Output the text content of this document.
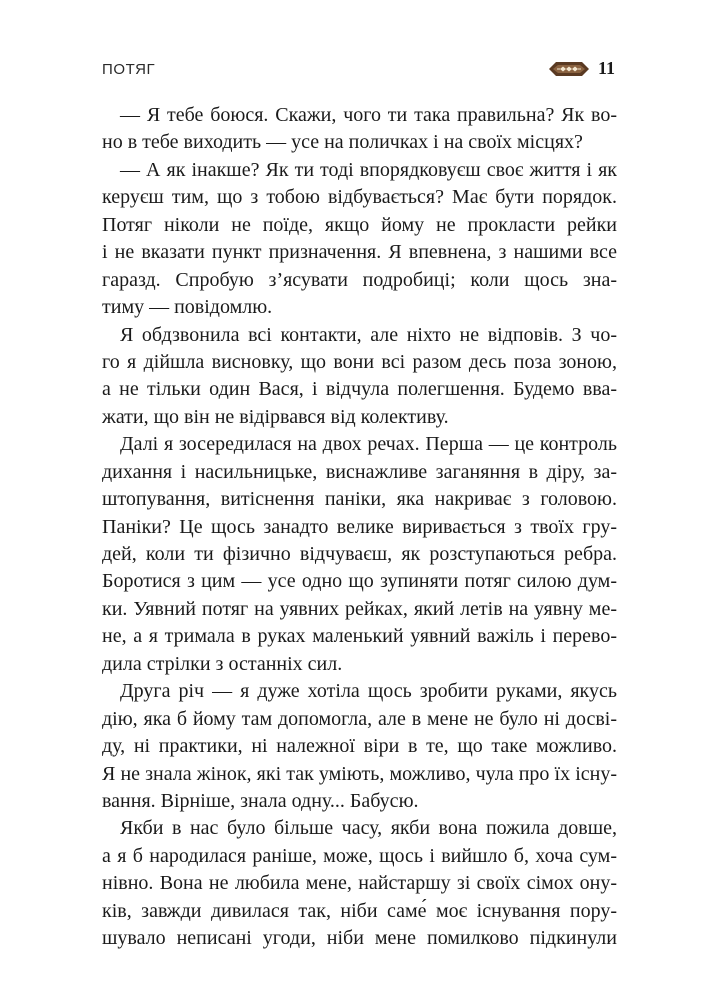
ПОТЯГ	11
— Я тебе боюся. Скажи, чого ти така правильна? Як во-
но в тебе виходить — усе на поличках і на своїх місцях?
— А як інакше? Як ти тоді впорядковуєш своє життя і як
керуєш тим, що з тобою відбувається? Має бути порядок.
Потяг ніколи не поїде, якщо йому не прокласти рейки
і не вказати пункт призначення. Я впевнена, з нашими все
гаразд. Спробую з’ясувати подробиці; коли щось зна-
тиму — повідомлю.
Я обдзвонила всі контакти, але ніхто не відповів. З чо-
го я дійшла висновку, що вони всі разом десь поза зоною,
а не тільки один Вася, і відчула полегшення. Будемо вва-
жати, що він не відірвався від колективу.
Далі я зосередилася на двох речах. Перша — це контроль
дихання і насильницьке, виснажливе заганяння в діру, за-
штопування, витіснення паніки, яка накриває з головою.
Паніки? Це щось занадто велике виривається з твоїх гру-
дей, коли ти фізично відчуваєш, як розступаються ребра.
Боротися з цим — усе одно що зупиняти потяг силою дум-
ки. Уявний потяг на уявних рейках, який летів на уявну ме-
не, а я тримала в руках маленький уявний важіль і перево-
дила стрілки з останніх сил.
Друга річ — я дуже хотіла щось зробити руками, якусь
дію, яка б йому там допомогла, але в мене не було ні досві-
ду, ні практики, ні належної віри в те, що таке можливо.
Я не знала жінок, які так уміють, можливо, чула про їх існу-
вання. Вірніше, знала одну... Бабусю.
Якби в нас було більше часу, якби вона пожила довше,
а я б народилася раніше, може, щось і вийшло б, хоча сум-
нівно. Вона не любила мене, найстаршу зі своїх сімох ону-
ків, завжди дивилася так, ніби саме́ моє існування пору-
шувало неписані угоди, ніби мене помилково підкинули
